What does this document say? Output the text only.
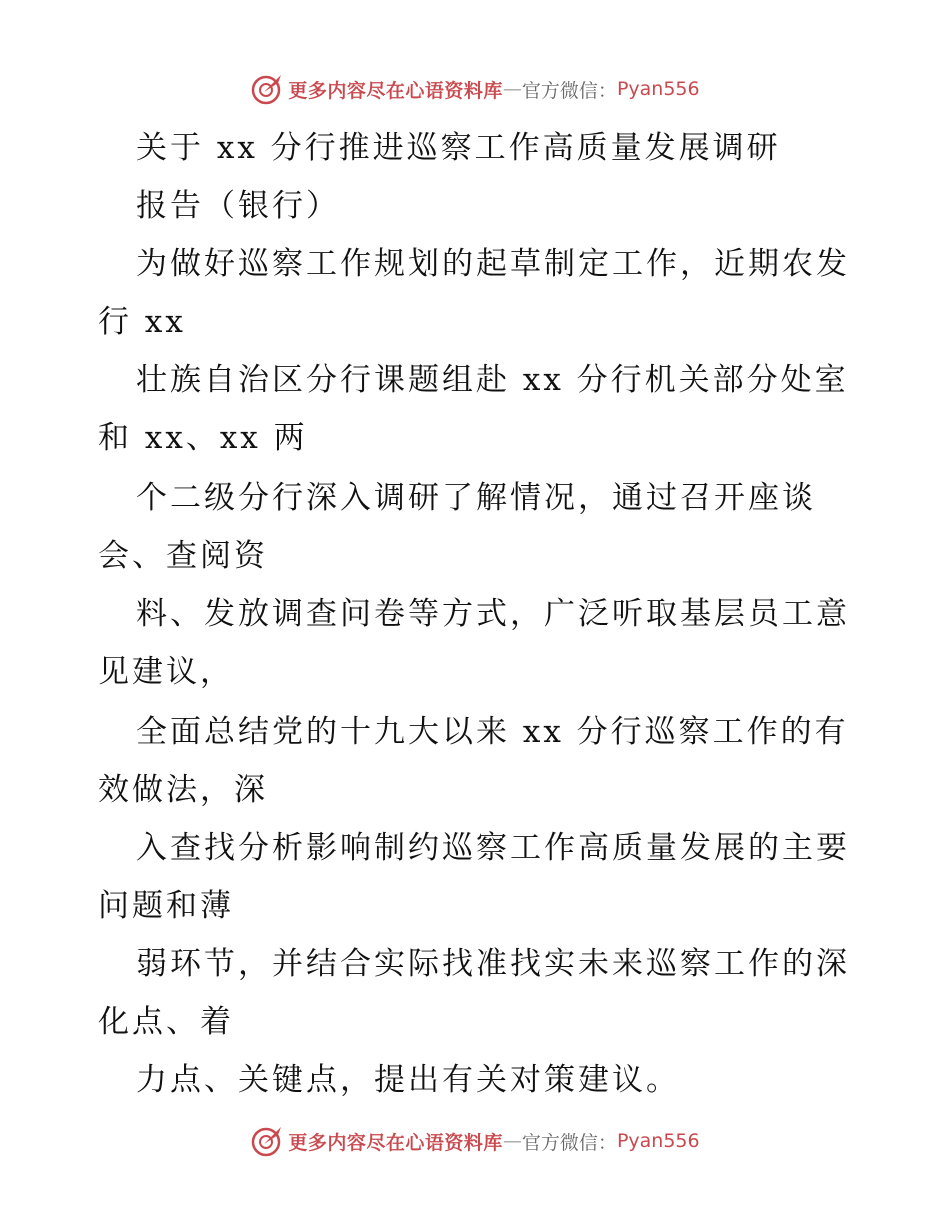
更多内容尽在心语资料库 — 官方微信： Pyan556
关于 xx 分行推进巡察工作高质量发展调研
报告（银行）
为做好巡察工作规划的起草制定工作，近期农发
行 xx
壮族自治区分行课题组赴 xx 分行机关部分处室
和 xx、xx 两
个二级分行深入调研了解情况，通过召开座谈
会、查阅资
料、发放调查问卷等方式，广泛听取基层员工意
见建议，
全面总结党的十九大以来 xx 分行巡察工作的有
效做法，深
入查找分析影响制约巡察工作高质量发展的主要
问题和薄
弱环节，并结合实际找准找实未来巡察工作的深
化点、着
力点、关键点，提出有关对策建议。
更多内容尽在心语资料库 — 官方微信： Pyan556
